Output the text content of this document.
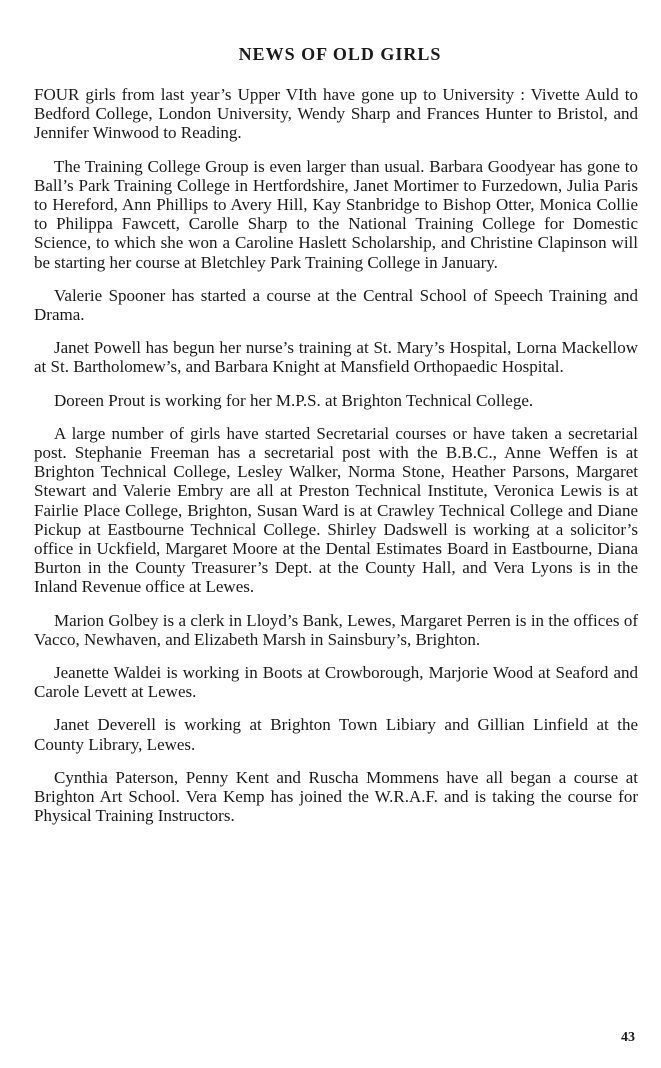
NEWS OF OLD GIRLS

FOUR girls from last year’s Upper VIth have gone up to University : Vivette Auld to Bedford College, London University, Wendy Sharp and Frances Hunter to Bristol, and Jennifer Winwood to Reading.

The Training College Group is even larger than usual. Barbara Goodyear has gone to Ball’s Park Training College in Hertfordshire, Janet Mortimer to Furzedown, Julia Paris to Hereford, Ann Phillips to Avery Hill, Kay Stanbridge to Bishop Otter, Monica Collie to Philippa Fawcett, Carolle Sharp to the National Training College for Domestic Science, to which she won a Caroline Haslett Scholarship, and Christine Clapinson will be starting her course at Bletchley Park Training College in January.

Valerie Spooner has started a course at the Central School of Speech Training and Drama.

Janet Powell has begun her nurse’s training at St. Mary’s Hospital, Lorna Mackellow at St. Bartholomew’s, and Barbara Knight at Mansfield Orthopaedic Hospital.

Doreen Prout is working for her M.P.S. at Brighton Technical College.

A large number of girls have started Secretarial courses or have taken a secretarial post. Stephanie Freeman has a secretarial post with the B.B.C., Anne Weffen is at Brighton Technical College, Lesley Walker, Norma Stone, Heather Parsons, Margaret Stewart and Valerie Embry are all at Preston Technical Institute, Veronica Lewis is at Fairlie Place College, Brighton, Susan Ward is at Crawley Technical College and Diane Pickup at Eastbourne Technical College. Shirley Dadswell is working at a solicitor’s office in Uckfield, Margaret Moore at the Dental Estimates Board in Eastbourne, Diana Burton in the County Treasurer’s Dept. at the County Hall, and Vera Lyons is in the Inland Revenue office at Lewes.

Marion Golbey is a clerk in Lloyd’s Bank, Lewes, Margaret Perren is in the offices of Vacco, Newhaven, and Elizabeth Marsh in Sainsbury’s, Brighton.

Jeanette Waldei is working in Boots at Crowborough, Marjorie Wood at Seaford and Carole Levett at Lewes.

Janet Deverell is working at Brighton Town Libiary and Gillian Linfield at the County Library, Lewes.

Cynthia Paterson, Penny Kent and Ruscha Mommens have all began a course at Brighton Art School. Vera Kemp has joined the W.R.A.F. and is taking the course for Physical Training Instructors.

43
